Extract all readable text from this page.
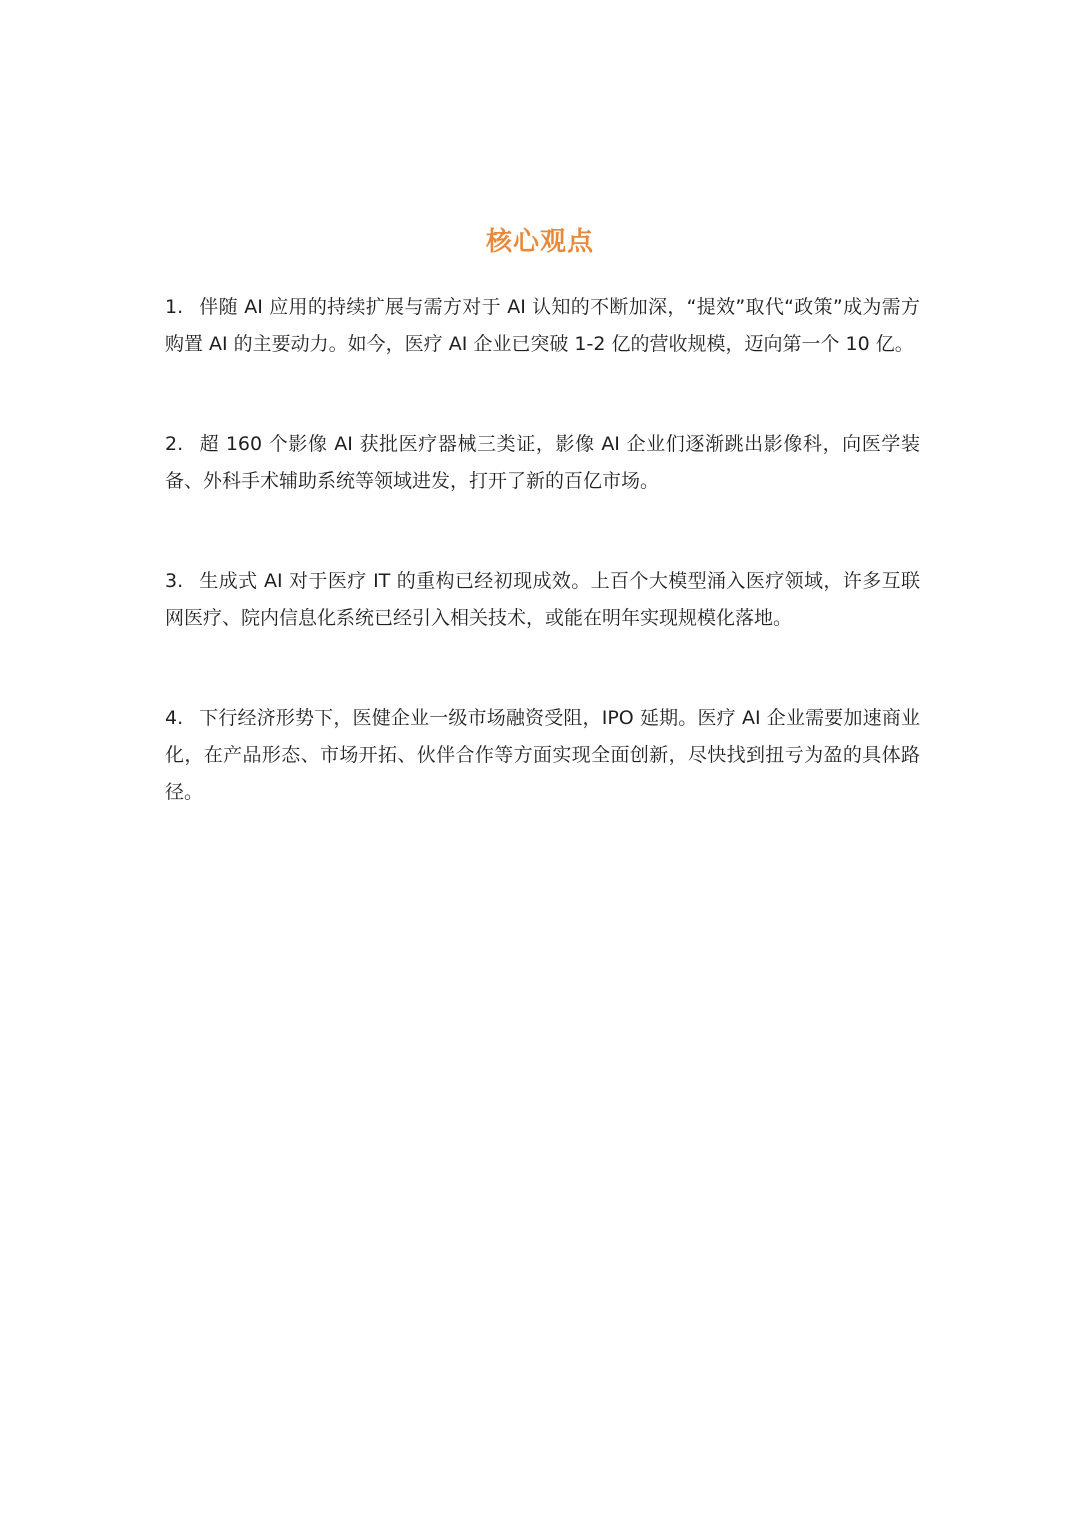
核心观点
1. 伴随 AI 应用的持续扩展与需方对于 AI 认知的不断加深，“提效”取代“政策”成为需方购置 AI 的主要动力。如今，医疗 AI 企业已突破 1-2 亿的营收规模，迈向第一个 10 亿。
2. 超 160 个影像 AI 获批医疗器械三类证，影像 AI 企业们逐渐跳出影像科，向医学装备、外科手术辅助系统等领域进发，打开了新的百亿市场。
3. 生成式 AI 对于医疗 IT 的重构已经初现成效。上百个大模型涌入医疗领域，许多互联网医疗、院内信息化系统已经引入相关技术，或能在明年实现规模化落地。
4. 下行经济形势下，医健企业一级市场融资受阻，IPO 延期。医疗 AI 企业需要加速商业化，在产品形态、市场开拓、伙伴合作等方面实现全面创新，尽快找到扭亏为盈的具体路径。
